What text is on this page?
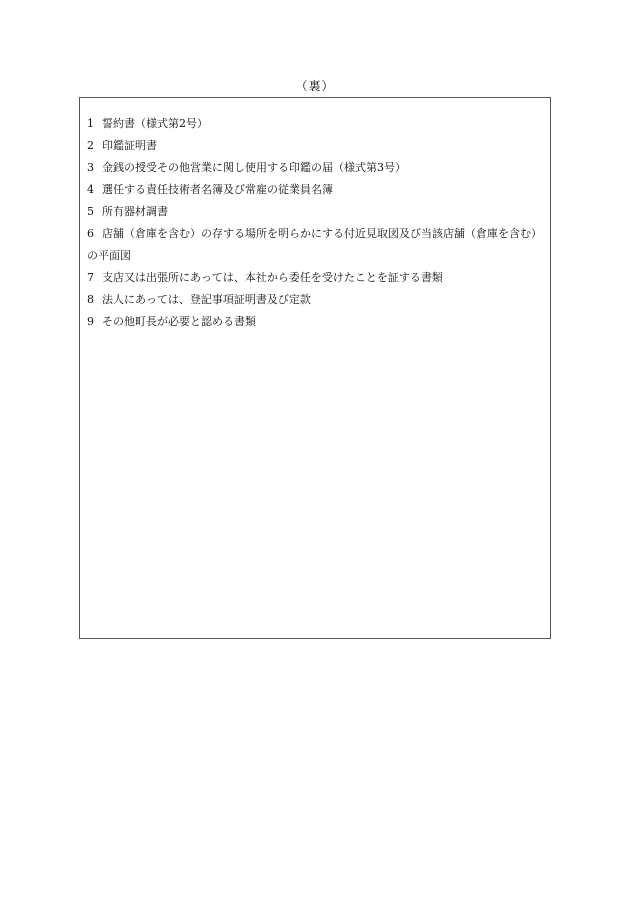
（裏）
1 誓約書（様式第2号）
2 印鑑証明書
3 金銭の授受その他営業に関し使用する印鑑の届（様式第3号）
4 選任する責任技術者名簿及び常雇の従業員名簿
5 所有器材調書
6 店舗（倉庫を含む）の存する場所を明らかにする付近見取図及び当該店舗（倉庫を含む）
の平面図
7 支店又は出張所にあっては、本社から委任を受けたことを証する書類
8 法人にあっては、登記事項証明書及び定款
9 その他町長が必要と認める書類
